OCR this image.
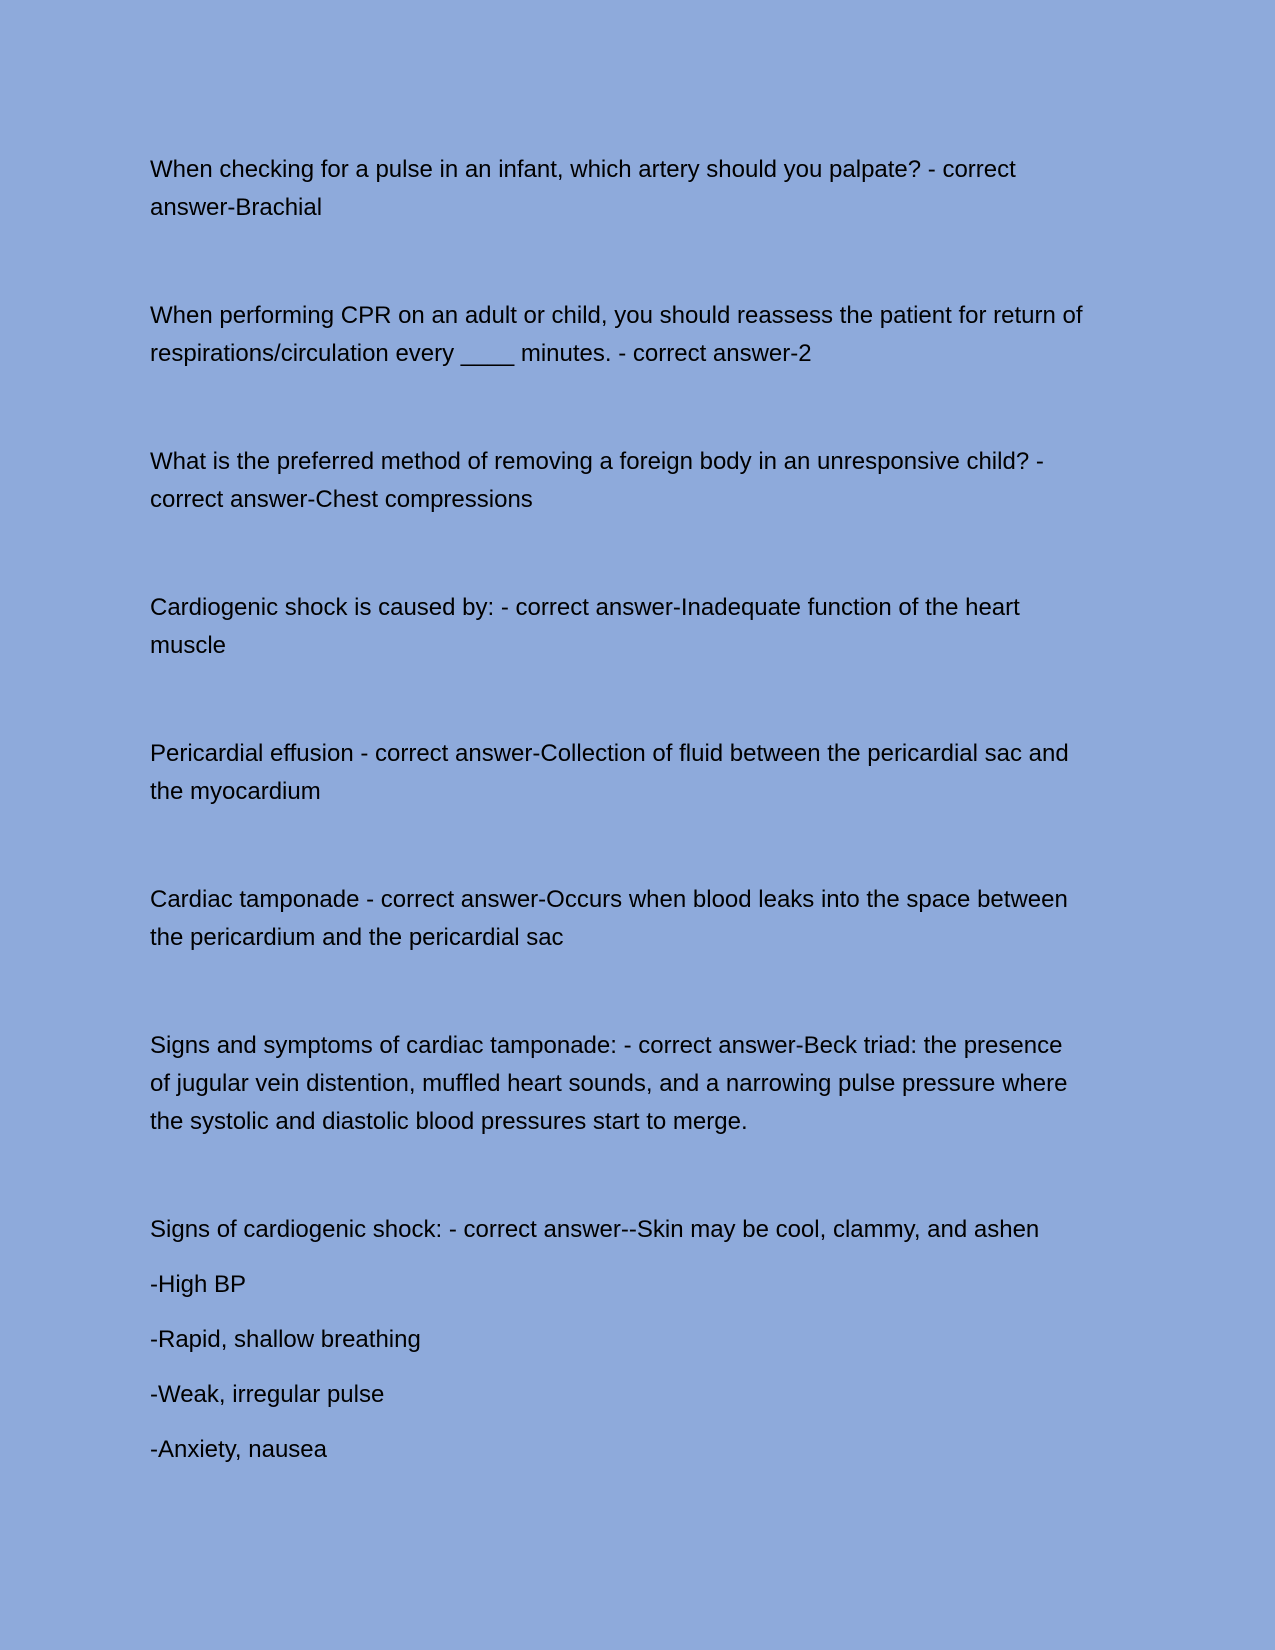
When checking for a pulse in an infant, which artery should you palpate? - correct answer-Brachial

When performing CPR on an adult or child, you should reassess the patient for return of respirations/circulation every ____ minutes. - correct answer-2

What is the preferred method of removing a foreign body in an unresponsive child? - correct answer-Chest compressions

Cardiogenic shock is caused by: - correct answer-Inadequate function of the heart muscle

Pericardial effusion - correct answer-Collection of fluid between the pericardial sac and the myocardium

Cardiac tamponade - correct answer-Occurs when blood leaks into the space between the pericardium and the pericardial sac

Signs and symptoms of cardiac tamponade: - correct answer-Beck triad: the presence of jugular vein distention, muffled heart sounds, and a narrowing pulse pressure where the systolic and diastolic blood pressures start to merge.

Signs of cardiogenic shock: - correct answer--Skin may be cool, clammy, and ashen

-High BP

-Rapid, shallow breathing

-Weak, irregular pulse

-Anxiety, nausea
